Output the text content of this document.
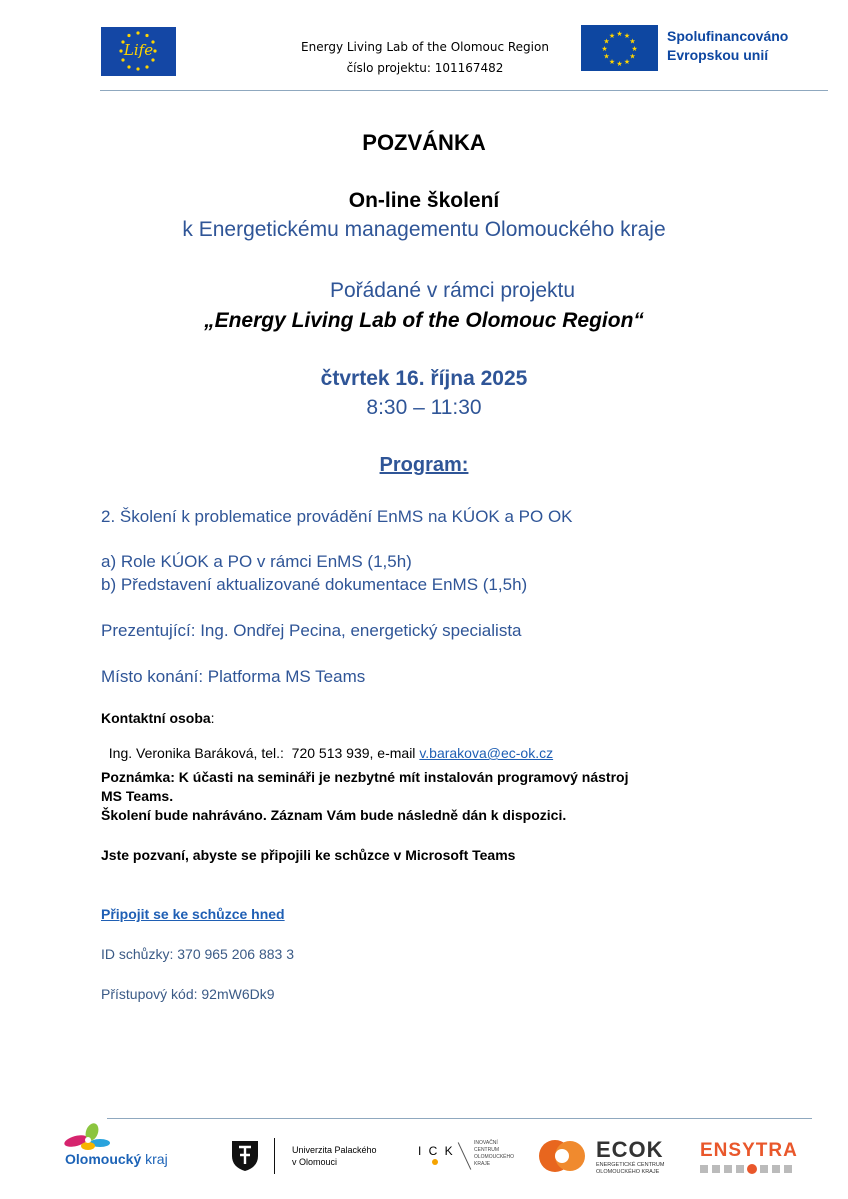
Life	Energy Living Lab of the Olomouc Region
číslo projektu: 101167482
★ ★
★
★
★
★
★
★
★
★
★
★	Spolufinancováno
Evropskou unií
POZVÁNKA
On-line školení
k Energetickému managementu Olomouckého kraje
Pořádané v rámci projektu
„Energy Living Lab of the Olomouc Region“
čtvrtek 16. října 2025
8:30 – 11:30
Program:
2. Školení k problematice provádění EnMS na KÚOK a PO OK
a) Role KÚOK a PO v rámci EnMS (1,5h)
b) Představení aktualizované dokumentace EnMS (1,5h)
Prezentující: Ing. Ondřej Pecina, energetický specialista
Místo konání: Platforma MS Teams
Kontaktní osoba:

Ing. Veronika Baráková, tel.:  720 513 939, e-mail v.barakova@ec-ok.cz

Poznámka: K účasti na semináři je nezbytné mít instalován programový nástroj
MS Teams.
Školení bude nahráváno. Záznam Vám bude následně dán k dispozici.
Jste pozvaní, abyste se připojili ke schůzce v Microsoft Teams
Připojit se ke schůzce hned
ID schůzky: 370 965 206 883 3
Přístupový kód: 92mW6Dk9
Olomoucký kraj
Univerzita Palackého
v Olomouci
I C K
INOVAČNÍ
CENTRUM
OLOMOUCKÉHO
KRAJE
ECOK
ENERGETICKÉ CENTRUM
OLOMOUCKÉHO KRAJE
ENSYTRA
